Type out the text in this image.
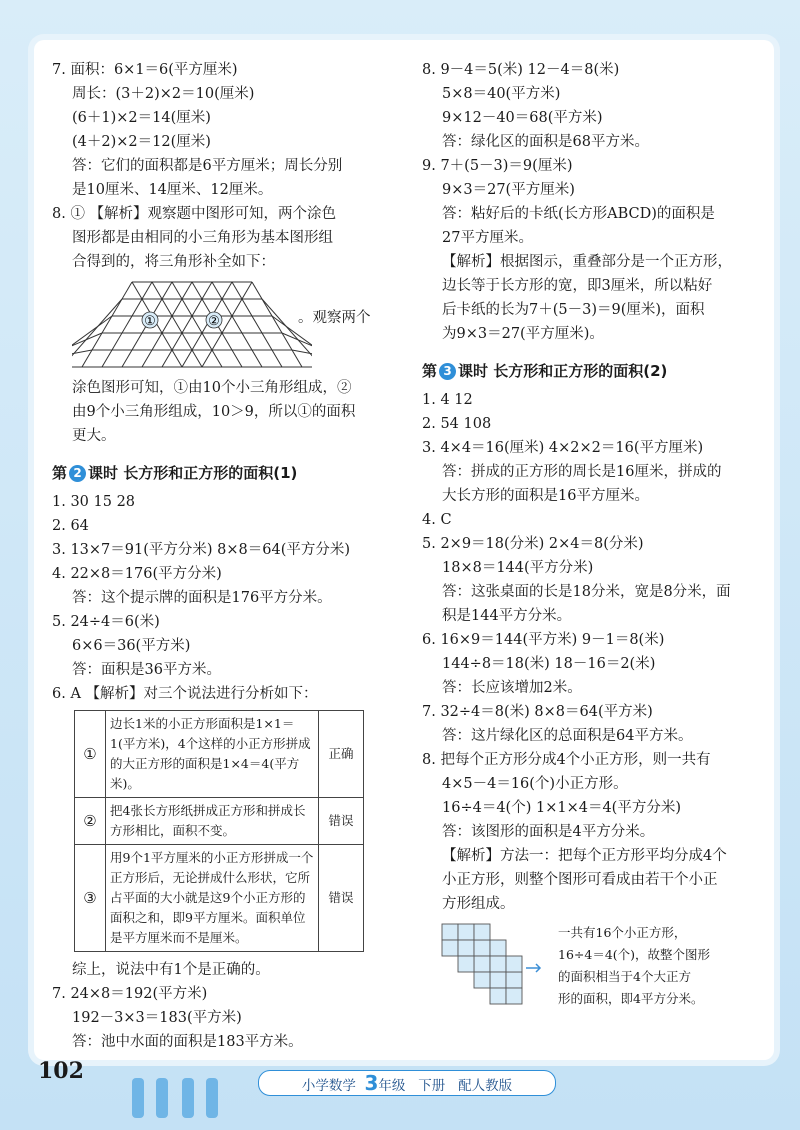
7. 面积：6×1＝6(平方厘米)
周长：(3＋2)×2＝10(厘米)
(6＋1)×2＝14(厘米)
(4＋2)×2＝12(厘米)
答：它们的面积都是6平方厘米；周长分别
是10厘米、14厘米、12厘米。
8. ① 【解析】观察题中图形可知，两个涂色
图形都是由相同的小三角形为基本图形组
合得到的，将三角形补全如下：
①	②	。观察两个
涂色图形可知，①由10个小三角形组成，②
由9个小三角形组成，10＞9，所以①的面积
更大。
第 2 课时 长方形和正方形的面积(1)
1. 30 15 28
2. 64
3. 13×7＝91(平方分米) 8×8＝64(平方分米)
4. 22×8＝176(平方分米)
答：这个提示牌的面积是176平方分米。
5. 24÷4＝6(米)
6×6＝36(平方米)
答：面积是36平方米。
6. A 【解析】对三个说法进行分析如下：
①	边长1米的小正方形面积是1×1＝1(平方米)，4个这样的小正方形拼成的大正方形的面积是1×4＝4(平方米)。	正确
②	把4张长方形纸拼成正方形和拼成长方形相比，面积不变。	错误
③	用9个1平方厘米的小正方形拼成一个正方形后，无论拼成什么形状，它所占平面的大小就是这9个小正方形的面积之和，即9平方厘米。面积单位是平方厘米而不是厘米。	错误
综上，说法中有1个是正确的。
7. 24×8＝192(平方米)
192－3×3＝183(平方米)
答：池中水面的面积是183平方米。
8. 9－4＝5(米) 12－4＝8(米)
5×8＝40(平方米)
9×12－40＝68(平方米)
答：绿化区的面积是68平方米。
9. 7＋(5－3)＝9(厘米)
9×3＝27(平方厘米)
答：粘好后的卡纸(长方形ABCD)的面积是
27平方厘米。
【解析】根据图示，重叠部分是一个正方形，
边长等于长方形的宽，即3厘米，所以粘好
后卡纸的长为7＋(5－3)＝9(厘米)，面积
为9×3＝27(平方厘米)。
第 3 课时 长方形和正方形的面积(2)
1. 4 12
2. 54 108
3. 4×4＝16(厘米) 4×2×2＝16(平方厘米)
答：拼成的正方形的周长是16厘米，拼成的
大长方形的面积是16平方厘米。
4. C
5. 2×9＝18(分米) 2×4＝8(分米)
18×8＝144(平方分米)
答：这张桌面的长是18分米，宽是8分米，面
积是144平方分米。
6. 16×9＝144(平方米) 9－1＝8(米)
144÷8＝18(米) 18－16＝2(米)
答：长应该增加2米。
7. 32÷4＝8(米) 8×8＝64(平方米)
答：这片绿化区的总面积是64平方米。
8. 把每个正方形分成4个小正方形，则一共有
4×5－4＝16(个)小正方形。
16÷4＝4(个) 1×1×4＝4(平方分米)
答：该图形的面积是4平方分米。
【解析】方法一：把每个正方形平均分成4个
小正方形，则整个图形可看成由若干个小正
方形组成。
一共有16个小正方形，
16÷4＝4(个)，故整个图形
的面积相当于4个大正方
形的面积，即4平方分米。
102
小学数学 3年级 下册 配人教版
